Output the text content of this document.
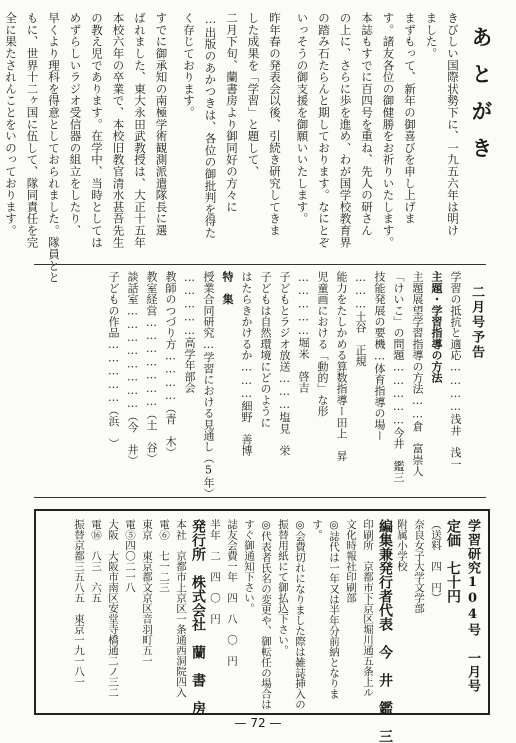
あとがき
きびしい国際状勢下に、一九五六年は明け
ました。
まずもって、新年の御喜びを申し上げま
す。諸友各位の御健勝をお祈りいたします。
本誌もすでに百四号を重ね、先人の研さん
の上に、さらに歩を進め、わが国学校教育界
の踏み石たらんと期しております。なにとぞ
いっそうの御支援を御願いいたします。
昨年春の発表会以後、引続き研究してきま
した成果を「学習」と題して、
二月下旬、蘭書房より御同好の方々に
…出版のあかつきは、各位の御批判を得た
く存じております。
すでに御承知の南極学術観測派遣隊長に選
ばれました、東大永田武教授は、大正十五年
本校六年の卒業で、本校旧教官清水甚吾先生
の教え児であります。在学中、当時としては
めずらしいラジオ受信器の組立をしたり、
早くより理科を得意としておられました。隊員とと
もに、世界十二ヶ国に伍して、隊同責任を完
全に果たされんことをいのっております。
二月号予告
学習の抵抗と適応…………浅井　浅一
主題・学習指導の方法
主題展望学習指導の方法……倉　富崇人
「けいこ」の問題……………今井　鑑三
技能発展の要機…体育指導の場ー
………土谷　正規
能力をたしかめる算数指導ー田上　昇
児童画における「動的」な形
……………堀米　啓吉
子どもとラジオ放送………塩見　栄
子どもは自然環境にどのように
はたらきかけるか………細野　善博
特　集
授業合同研究…学習における見通し（5年）
……………高学年部会
教師のつづり方…………（青　木）
教室経営…………………（土　谷）
談話室……………………（今　井）
子どもの作品……………（浜　）
学習研究104号　一月号
定価　七十円
（送料　四　円）
奈良女子大学文学部
附属小学校
編集兼発行者代表　今　井　鑑　三
印刷所　京都市下京区堀川通五条上ル
文化時報社印刷部
◎誌代は一年又は半年分前納となりま
す。
◎会費切れになりました際は雑誌挿入の
振替用紙にて御払込下さい。
◎代表者氏名の変更や、御転任の場合は
すぐ御通知下さい。
誌友会費一年　四　八　〇　円
半年　二　四　〇　円
発行所　株式会社　蘭　書　房
本社　京都市上京区一条通西洞院四入
電⑥　七一二三
東京　東京都文京区音羽町五一
電⑤四〇二一八
大阪　大阪市南区安堂寺橋通二ノ三二
電⑯　八三　六五
振替京都三五八五　東京一九一八一
— 72 —
